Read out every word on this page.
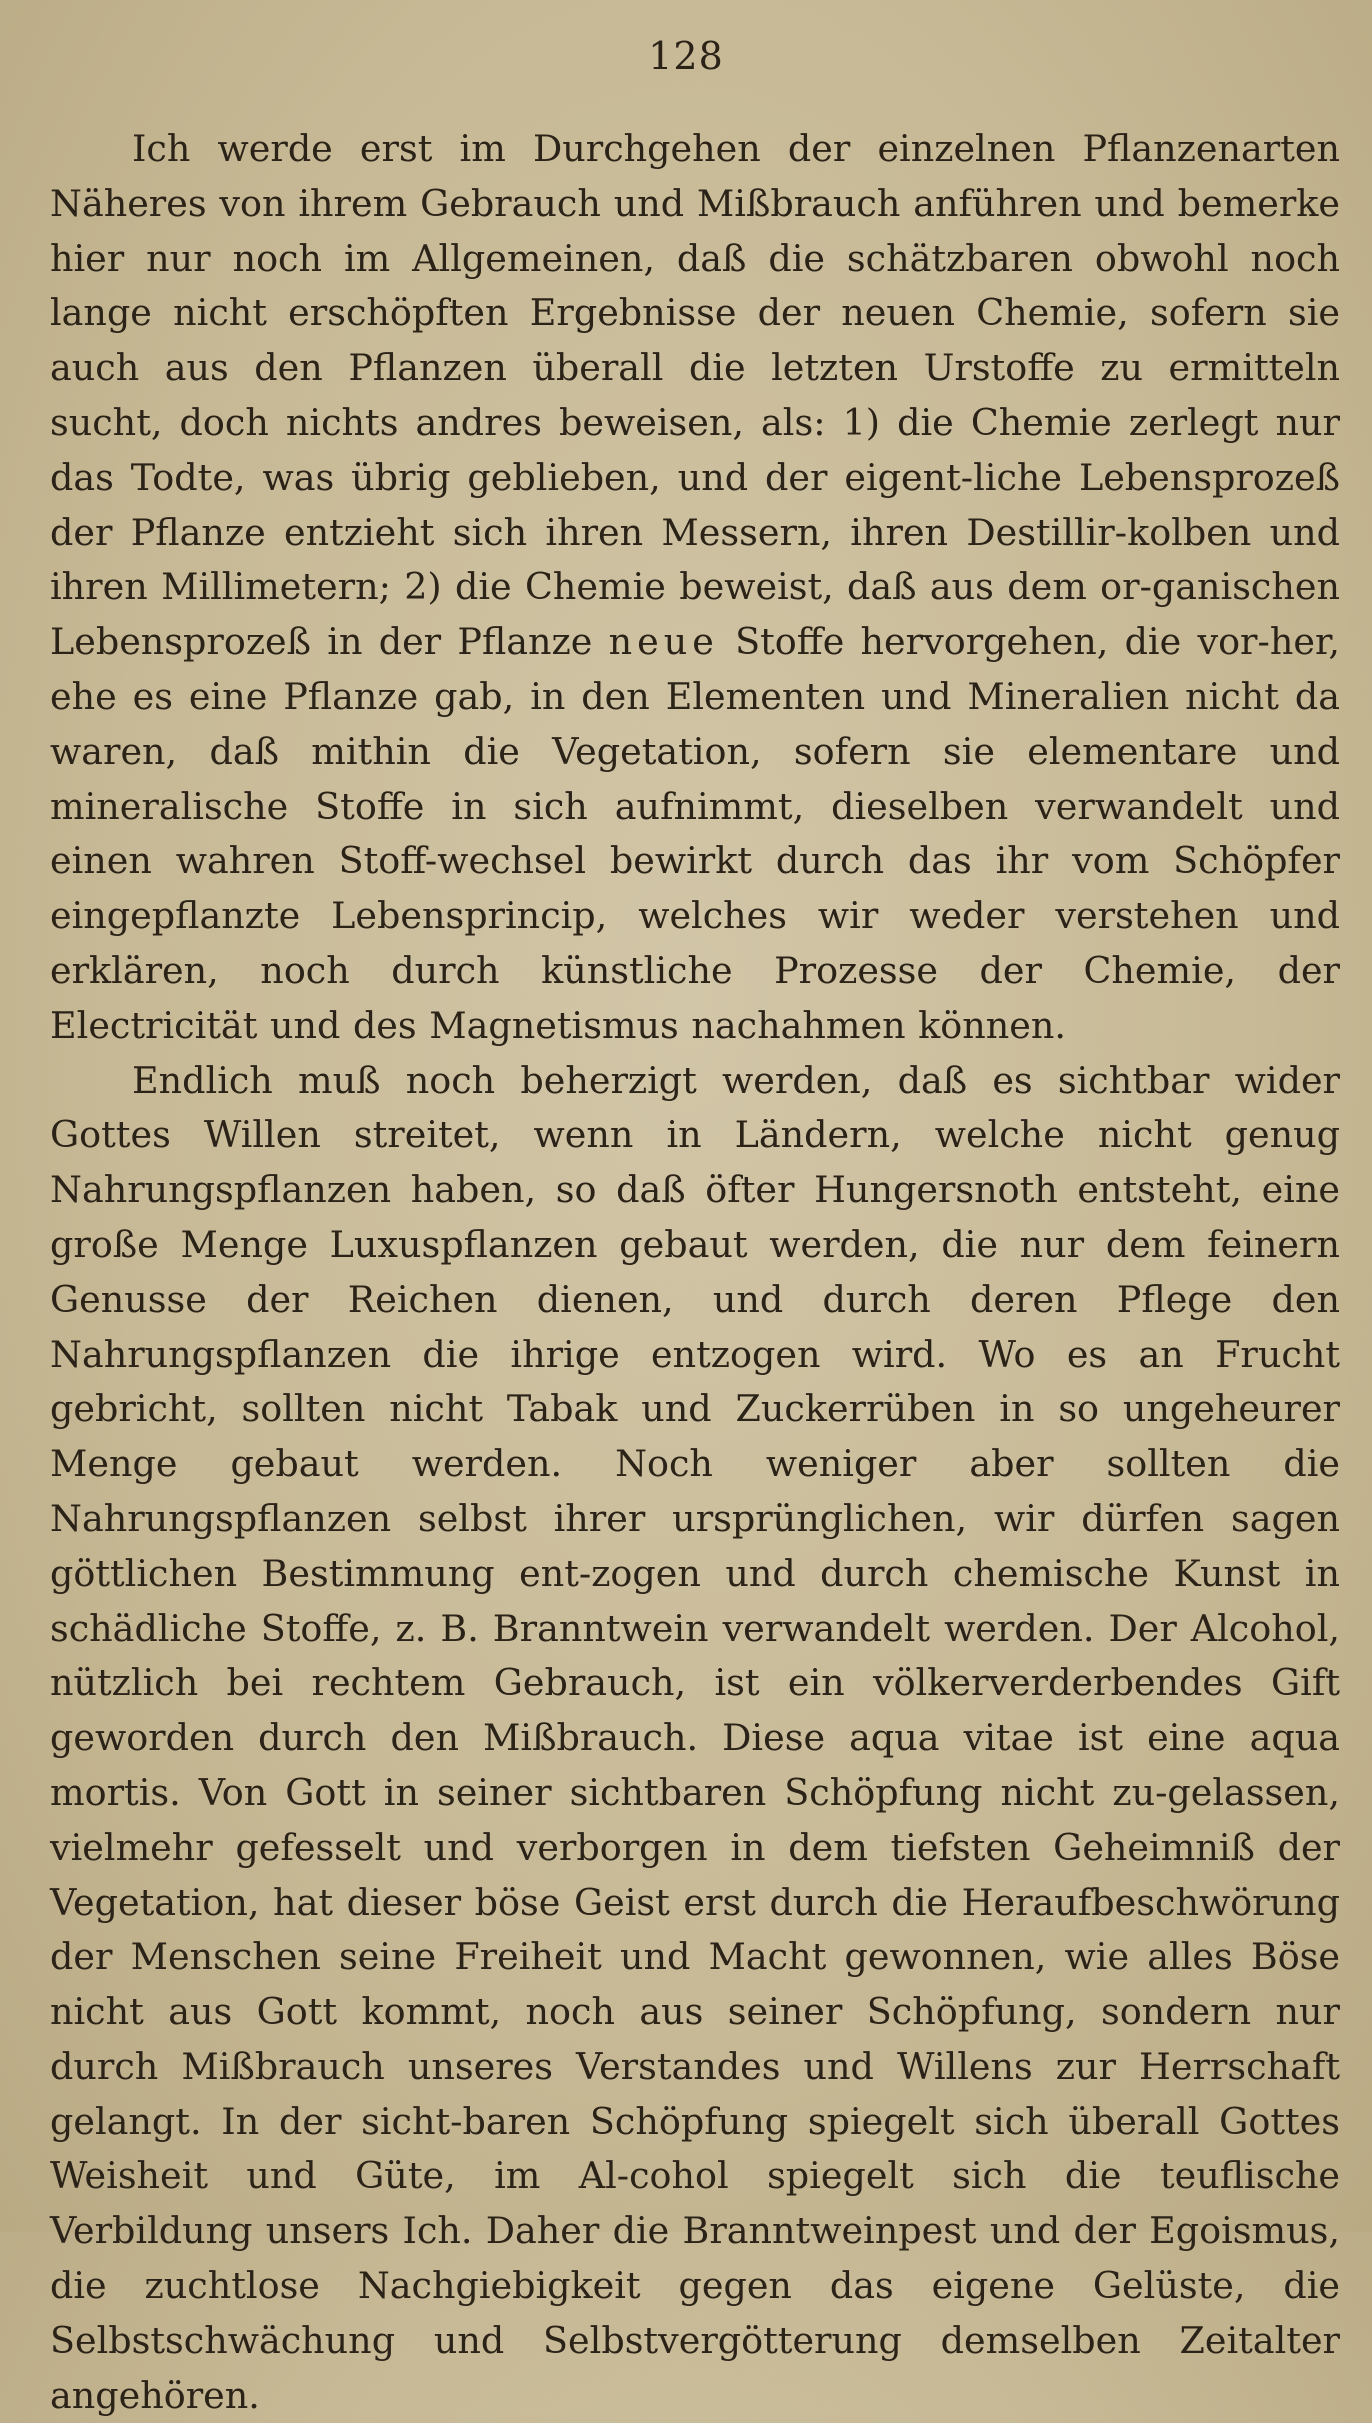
128

Ich werde erst im Durchgehen der einzelnen Pflanzenarten Näheres von ihrem Gebrauch und Mißbrauch anführen und bemerke hier nur noch im Allgemeinen, daß die schätzbaren obwohl noch lange nicht erschöpften Ergebnisse der neuen Chemie, sofern sie auch aus den Pflanzen überall die letzten Urstoffe zu ermitteln sucht, doch nichts andres beweisen, als: 1) die Chemie zerlegt nur das Todte, was übrig geblieben, und der eigent-liche Lebensprozeß der Pflanze entzieht sich ihren Messern, ihren Destillir-kolben und ihren Millimetern; 2) die Chemie beweist, daß aus dem or-ganischen Lebensprozeß in der Pflanze neue Stoffe hervorgehen, die vor-her, ehe es eine Pflanze gab, in den Elementen und Mineralien nicht da waren, daß mithin die Vegetation, sofern sie elementare und mineralische Stoffe in sich aufnimmt, dieselben verwandelt und einen wahren Stoff-wechsel bewirkt durch das ihr vom Schöpfer eingepflanzte Lebensprincip, welches wir weder verstehen und erklären, noch durch künstliche Prozesse der Chemie, der Electricität und des Magnetismus nachahmen können.

Endlich muß noch beherzigt werden, daß es sichtbar wider Gottes Willen streitet, wenn in Ländern, welche nicht genug Nahrungspflanzen haben, so daß öfter Hungersnoth entsteht, eine große Menge Luxuspflanzen gebaut werden, die nur dem feinern Genusse der Reichen dienen, und durch deren Pflege den Nahrungspflanzen die ihrige entzogen wird. Wo es an Frucht gebricht, sollten nicht Tabak und Zuckerrüben in so ungeheurer Menge gebaut werden. Noch weniger aber sollten die Nahrungspflanzen selbst ihrer ursprünglichen, wir dürfen sagen göttlichen Bestimmung ent-zogen und durch chemische Kunst in schädliche Stoffe, z. B. Branntwein verwandelt werden. Der Alcohol, nützlich bei rechtem Gebrauch, ist ein völkerverderbendes Gift geworden durch den Mißbrauch. Diese aqua vitae ist eine aqua mortis. Von Gott in seiner sichtbaren Schöpfung nicht zu-gelassen, vielmehr gefesselt und verborgen in dem tiefsten Geheimniß der Vegetation, hat dieser böse Geist erst durch die Heraufbeschwörung der Menschen seine Freiheit und Macht gewonnen, wie alles Böse nicht aus Gott kommt, noch aus seiner Schöpfung, sondern nur durch Mißbrauch unseres Verstandes und Willens zur Herrschaft gelangt. In der sicht-baren Schöpfung spiegelt sich überall Gottes Weisheit und Güte, im Al-cohol spiegelt sich die teuflische Verbildung unsers Ich. Daher die Branntweinpest und der Egoismus, die zuchtlose Nachgiebigkeit gegen das eigene Gelüste, die Selbstschwächung und Selbstvergötterung demselben Zeitalter angehören.
